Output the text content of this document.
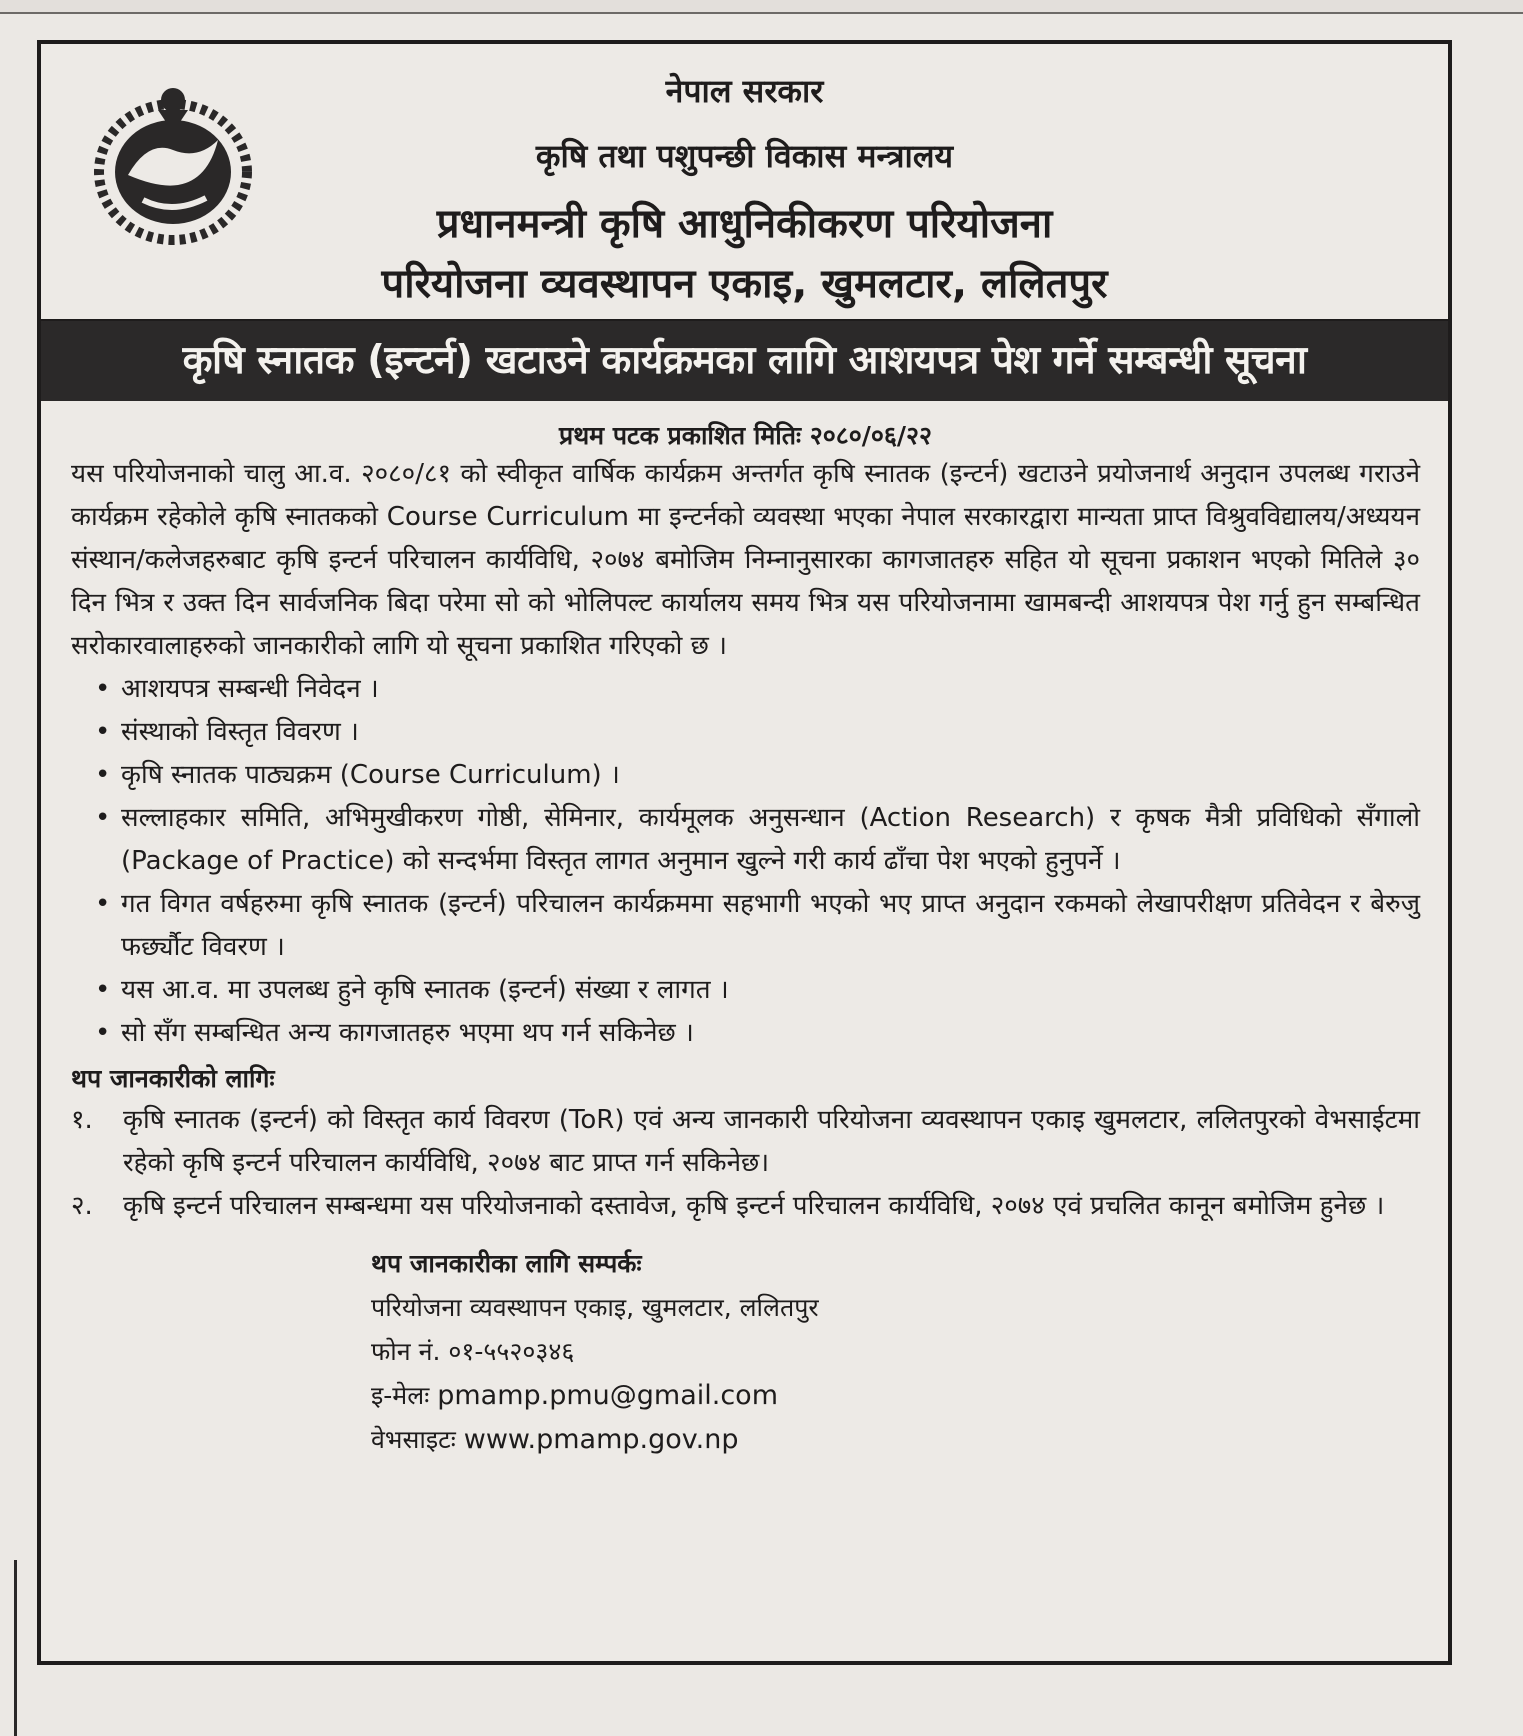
नेपाल सरकार
कृषि तथा पशुपन्छी विकास मन्त्रालय
प्रधानमन्त्री कृषि आधुनिकीकरण परियोजना
परियोजना व्यवस्थापन एकाइ, खुमलटार, ललितपुर
कृषि स्नातक (इन्टर्न) खटाउने कार्यक्रमका लागि आशयपत्र पेश गर्ने सम्बन्धी सूचना
प्रथम पटक प्रकाशित मितिः २०८०/०६/२२

यस परियोजनाको चालु आ.व. २०८०/८१ को स्वीकृत वार्षिक कार्यक्रम अन्तर्गत कृषि स्नातक (इन्टर्न) खटाउने प्रयोजनार्थ अनुदान उपलब्ध गराउने कार्यक्रम रहेकोले कृषि स्नातकको Course Curriculum मा इन्टर्नको व्यवस्था भएका नेपाल सरकारद्वारा मान्यता प्राप्त विश्रुवविद्यालय/अध्ययन संस्थान/कलेजहरुबाट कृषि इन्टर्न परिचालन कार्यविधि, २०७४ बमोजिम निम्नानुसारका कागजातहरु सहित यो सूचना प्रकाशन भएको मितिले ३० दिन भित्र र उक्त दिन सार्वजनिक बिदा परेमा सो को भोलिपल्ट कार्यालय समय भित्र यस परियोजनामा खामबन्दी आशयपत्र पेश गर्नु हुन सम्बन्धित सरोकारवालाहरुको जानकारीको लागि यो सूचना प्रकाशित गरिएको छ ।

• आशयपत्र सम्बन्धी निवेदन ।
• संस्थाको विस्तृत विवरण ।
• कृषि स्नातक पाठ्यक्रम (Course Curriculum) ।
• सल्लाहकार समिति, अभिमुखीकरण गोष्ठी, सेमिनार, कार्यमूलक अनुसन्धान (Action Research) र कृषक मैत्री प्रविधिको सँगालो (Package of Practice) को सन्दर्भमा विस्तृत लागत अनुमान खुल्ने गरी कार्य ढाँचा पेश भएको हुनुपर्ने ।
• गत विगत वर्षहरुमा कृषि स्नातक (इन्टर्न) परिचालन कार्यक्रममा सहभागी भएको भए प्राप्त अनुदान रकमको लेखापरीक्षण प्रतिवेदन र बेरुजु फर्छ्यौट विवरण ।
• यस आ.व. मा उपलब्ध हुने कृषि स्नातक (इन्टर्न) संख्या र लागत ।
• सो सँग सम्बन्धित अन्य कागजातहरु भएमा थप गर्न सकिनेछ ।
थप जानकारीको लागिः
१. कृषि स्नातक (इन्टर्न) को विस्तृत कार्य विवरण (ToR) एवं अन्य जानकारी परियोजना व्यवस्थापन एकाइ खुमलटार, ललितपुरको वेभसाईटमा रहेको कृषि इन्टर्न परिचालन कार्यविधि, २०७४ बाट प्राप्त गर्न सकिनेछ।
२. कृषि इन्टर्न परिचालन सम्बन्धमा यस परियोजनाको दस्तावेज, कृषि इन्टर्न परिचालन कार्यविधि, २०७४ एवं प्रचलित कानून बमोजिम हुनेछ ।
थप जानकारीका लागि सम्पर्कः
परियोजना व्यवस्थापन एकाइ, खुमलटार, ललितपुर
फोन नं. ०१-५५२०३४६
इ-मेलः pmamp.pmu@gmail.com
वेभसाइटः www.pmamp.gov.np
